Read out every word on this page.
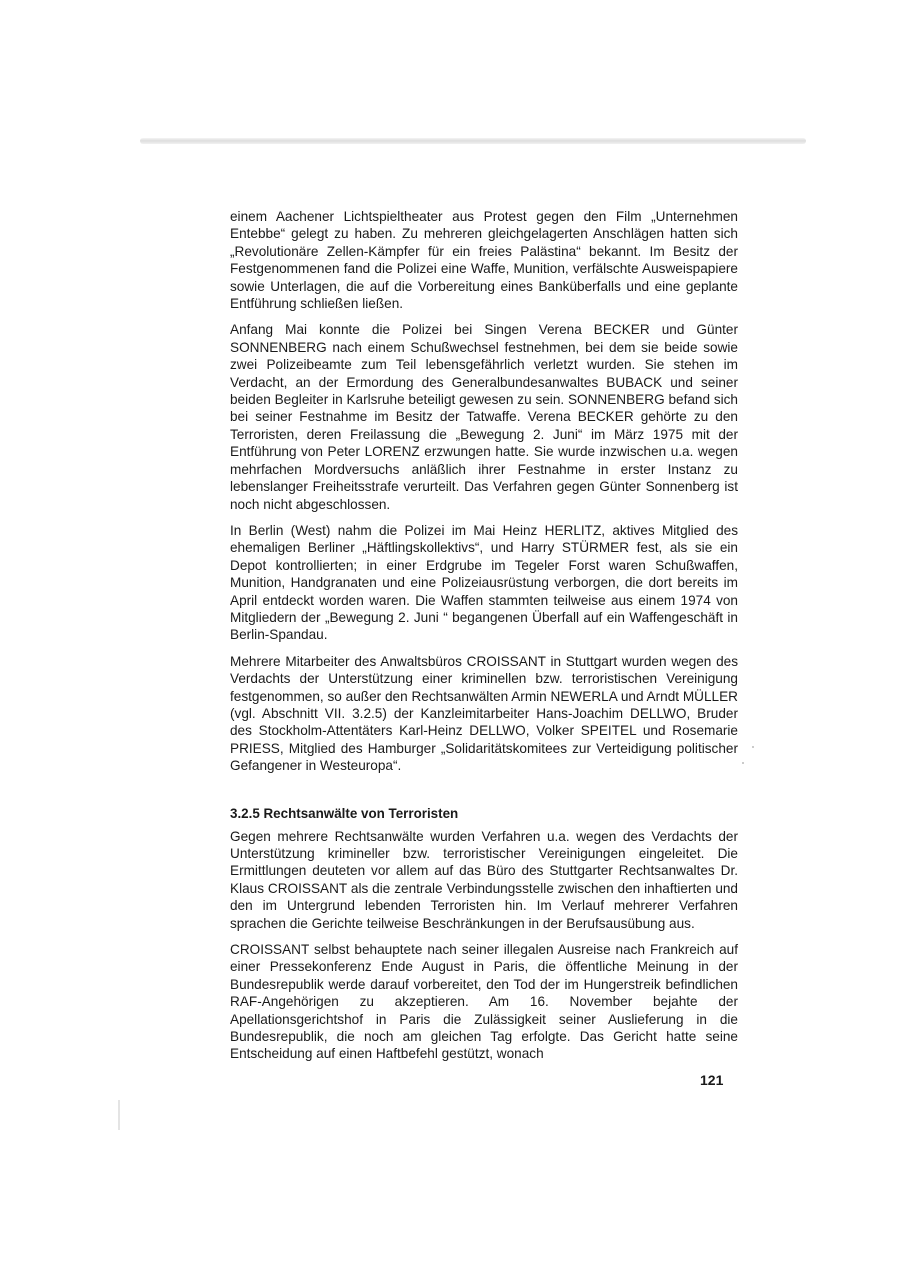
einem Aachener Lichtspieltheater aus Protest gegen den Film „Unternehmen Entebbe“ gelegt zu haben. Zu mehreren gleichgelagerten Anschlägen hatten sich „Revolutionäre Zellen-Kämpfer für ein freies Palästina“ bekannt. Im Besitz der Festgenommenen fand die Polizei eine Waffe, Munition, verfälschte Ausweispapiere sowie Unterlagen, die auf die Vorbereitung eines Banküberfalls und eine geplante Entführung schließen ließen.

Anfang Mai konnte die Polizei bei Singen Verena BECKER und Günter SONNENBERG nach einem Schußwechsel festnehmen, bei dem sie beide sowie zwei Polizeibeamte zum Teil lebensgefährlich verletzt wurden. Sie stehen im Verdacht, an der Ermordung des Generalbundesanwaltes BUBACK und seiner beiden Begleiter in Karlsruhe beteiligt gewesen zu sein. SONNENBERG befand sich bei seiner Festnahme im Besitz der Tatwaffe. Verena BECKER gehörte zu den Terroristen, deren Freilassung die „Bewegung 2. Juni“ im März 1975 mit der Entführung von Peter LORENZ erzwungen hatte. Sie wurde inzwischen u.a. wegen mehrfachen Mordversuchs anläßlich ihrer Festnahme in erster Instanz zu lebenslanger Freiheitsstrafe verurteilt. Das Verfahren gegen Günter Sonnenberg ist noch nicht abgeschlossen.

In Berlin (West) nahm die Polizei im Mai Heinz HERLITZ, aktives Mitglied des ehemaligen Berliner „Häftlingskollektivs“, und Harry STÜRMER fest, als sie ein Depot kontrollierten; in einer Erdgrube im Tegeler Forst waren Schußwaffen, Munition, Handgranaten und eine Polizeiausrüstung verborgen, die dort bereits im April entdeckt worden waren. Die Waffen stammten teilweise aus einem 1974 von Mitgliedern der „Bewegung 2. Juni “ begangenen Überfall auf ein Waffengeschäft in Berlin-Spandau.

Mehrere Mitarbeiter des Anwaltsbüros CROISSANT in Stuttgart wurden wegen des Verdachts der Unterstützung einer kriminellen bzw. terroristischen Vereinigung festgenommen, so außer den Rechtsanwälten Armin NEWERLA und Arndt MÜLLER (vgl. Abschnitt VII. 3.2.5) der Kanzleimitarbeiter Hans-Joachim DELLWO, Bruder des Stockholm-Attentäters Karl-Heinz DELLWO, Volker SPEITEL und Rosemarie PRIESS, Mitglied des Hamburger „Solidaritätskomitees zur Verteidigung politischer Gefangener in Westeuropa“.

3.2.5 Rechtsanwälte von Terroristen

Gegen mehrere Rechtsanwälte wurden Verfahren u.a. wegen des Verdachts der Unterstützung krimineller bzw. terroristischer Vereinigungen eingeleitet. Die Ermittlungen deuteten vor allem auf das Büro des Stuttgarter Rechtsanwaltes Dr. Klaus CROISSANT als die zentrale Verbindungsstelle zwischen den inhaftierten und den im Untergrund lebenden Terroristen hin. Im Verlauf mehrerer Verfahren sprachen die Gerichte teilweise Beschränkungen in der Berufsausübung aus.

CROISSANT selbst behauptete nach seiner illegalen Ausreise nach Frankreich auf einer Pressekonferenz Ende August in Paris, die öffentliche Meinung in der Bundesrepublik werde darauf vorbereitet, den Tod der im Hungerstreik befindlichen RAF-Angehörigen zu akzeptieren. Am 16. November bejahte der Apellationsgerichtshof in Paris die Zulässigkeit seiner Auslieferung in die Bundesrepublik, die noch am gleichen Tag erfolgte. Das Gericht hatte seine Entscheidung auf einen Haftbefehl gestützt, wonach

121
